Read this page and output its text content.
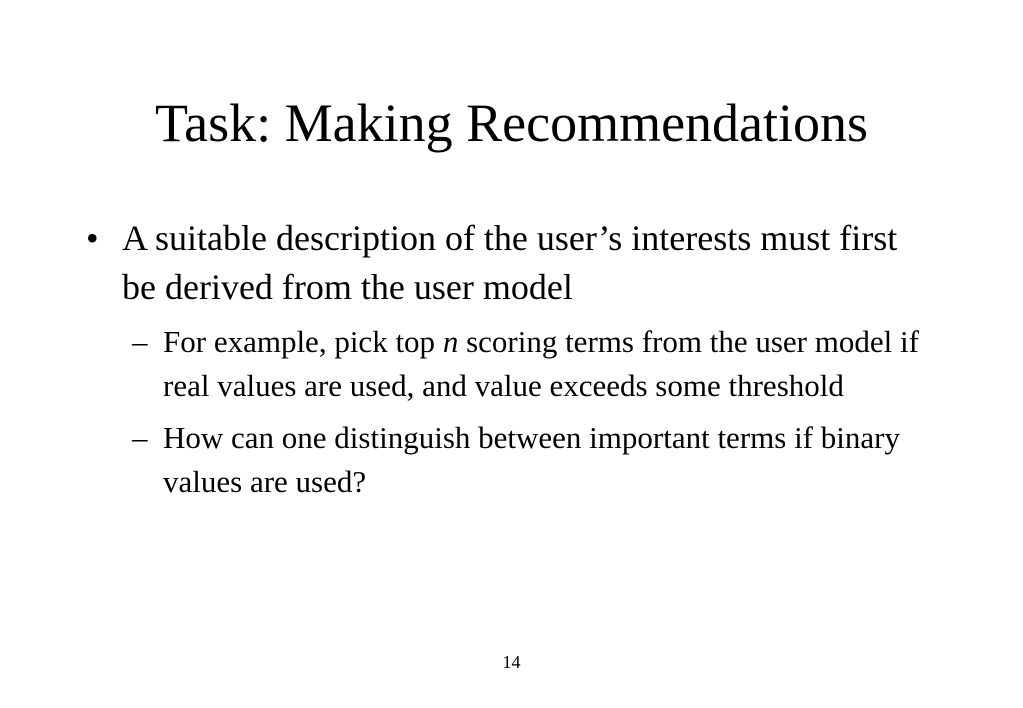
Task: Making Recommendations
• A suitable description of the user’s interests must first be derived from the user model
– For example, pick top n scoring terms from the user model if real values are used, and value exceeds some threshold
– How can one distinguish between important terms if binary values are used?
14
